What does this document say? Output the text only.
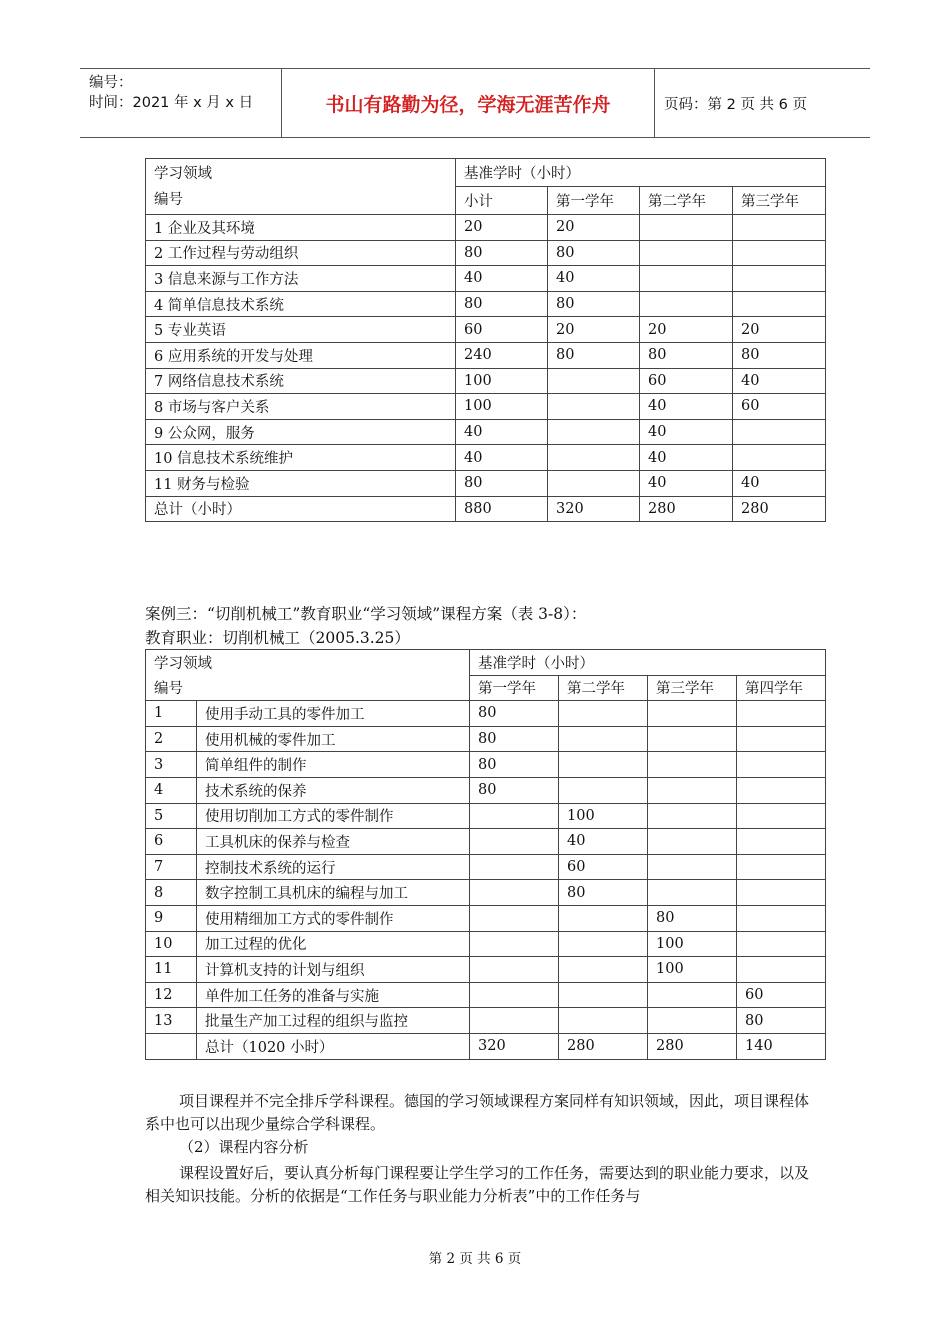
编号：
时间：2021 年 x 月 x 日	书山有路勤为径，学海无涯苦作舟	页码：第 2 页 共 6 页
学习领域
编号	基准学时（小时）			
	小计	第一学年	第二学年	第三学年
1 企业及其环境	20	20		
2 工作过程与劳动组织	80	80		
3 信息来源与工作方法	40	40		
4 简单信息技术系统	80	80		
5 专业英语	60	20	20	20
6 应用系统的开发与处理	240	80	80	80
7 网络信息技术系统	100		60	40
8 市场与客户关系	100		40	60
9 公众网，服务	40		40	
10 信息技术系统维护	40		40	
11 财务与检验	80		40	40
总计（小时）	880	320	280	280
案例三：“切削机械工”教育职业“学习领域”课程方案（表 3-8）：
教育职业：切削机械工（2005.3.25）
学习领域		基准学时（小时）			
编号		第一学年	第二学年	第三学年	第四学年
1	使用手动工具的零件加工	80			
2	使用机械的零件加工	80			
3	简单组件的制作	80			
4	技术系统的保养	80			
5	使用切削加工方式的零件制作		100		
6	工具机床的保养与检查		40		
7	控制技术系统的运行		60		
8	数字控制工具机床的编程与加工		80		
9	使用精细加工方式的零件制作			80	
10	加工过程的优化			100	
11	计算机支持的计划与组织			100	
12	单件加工任务的准备与实施				60
13	批量生产加工过程的组织与监控				80
	总计（1020 小时）	320	280	280	140
项目课程并不完全排斥学科课程。德国的学习领域课程方案同样有知识领域，因此，项目课程体系中也可以出现少量综合学科课程。
（2）课程内容分析
课程设置好后，要认真分析每门课程要让学生学习的工作任务，需要达到的职业能力要求，以及相关知识技能。分析的依据是“工作任务与职业能力分析表”中的工作任务与
第 2 页 共 6 页
